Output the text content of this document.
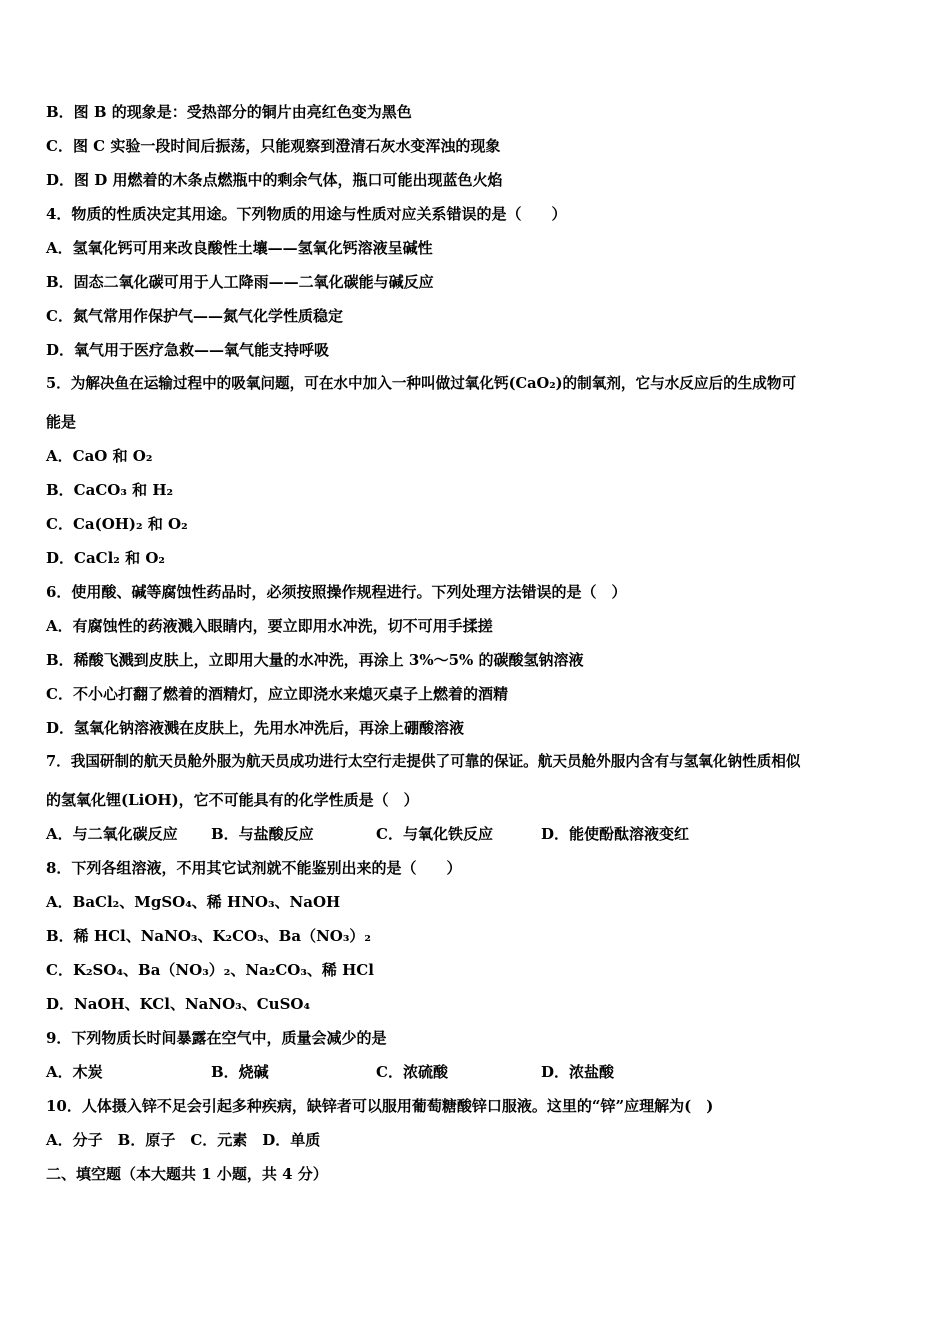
B．图 B 的现象是：受热部分的铜片由亮红色变为黑色
C．图 C 实验一段时间后振荡，只能观察到澄清石灰水变浑浊的现象
D．图 D 用燃着的木条点燃瓶中的剩余气体，瓶口可能出现蓝色火焰
4．物质的性质决定其用途。下列物质的用途与性质对应关系错误的是（　　）
A．氢氧化钙可用来改良酸性土壤——氢氧化钙溶液呈碱性
B．固态二氧化碳可用于人工降雨——二氧化碳能与碱反应
C．氮气常用作保护气——氮气化学性质稳定
D．氧气用于医疗急救——氧气能支持呼吸
5．为解决鱼在运输过程中的吸氧问题，可在水中加入一种叫做过氧化钙(CaO₂)的制氧剂，它与水反应后的生成物可
能是
A．CaO 和 O₂
B．CaCO₃ 和 H₂
C．Ca(OH)₂ 和 O₂
D．CaCl₂ 和 O₂
6．使用酸、碱等腐蚀性药品时，必须按照操作规程进行。下列处理方法错误的是（　）
A．有腐蚀性的药液溅入眼睛内，要立即用水冲洗，切不可用手揉搓
B．稀酸飞溅到皮肤上，立即用大量的水冲洗，再涂上 3%～5% 的碳酸氢钠溶液
C．不小心打翻了燃着的酒精灯，应立即浇水来熄灭桌子上燃着的酒精
D．氢氧化钠溶液溅在皮肤上，先用水冲洗后，再涂上硼酸溶液
7．我国研制的航天员舱外服为航天员成功进行太空行走提供了可靠的保证。航天员舱外服内含有与氢氧化钠性质相似
的氢氧化锂(LiOH)，它不可能具有的化学性质是（　）
A．与二氧化碳反应 B．与盐酸反应	C．与氧化铁反应	D．能使酚酞溶液变红
8．下列各组溶液，不用其它试剂就不能鉴别出来的是（　　）
A．BaCl₂、MgSO₄、稀 HNO₃、NaOH
B．稀 HCl、NaNO₃、K₂CO₃、Ba（NO₃）₂
C．K₂SO₄、Ba（NO₃）₂、Na₂CO₃、稀 HCl
D．NaOH、KCl、NaNO₃、CuSO₄
9．下列物质长时间暴露在空气中，质量会减少的是
A．木炭	B．烧碱	C．浓硫酸	D．浓盐酸
10．人体摄入锌不足会引起多种疾病，缺锌者可以服用葡萄糖酸锌口服液。这里的“锌”应理解为(　)
A．分子　B．原子　C．元素　D．单质
二、填空题（本大题共 1 小题，共 4 分）
